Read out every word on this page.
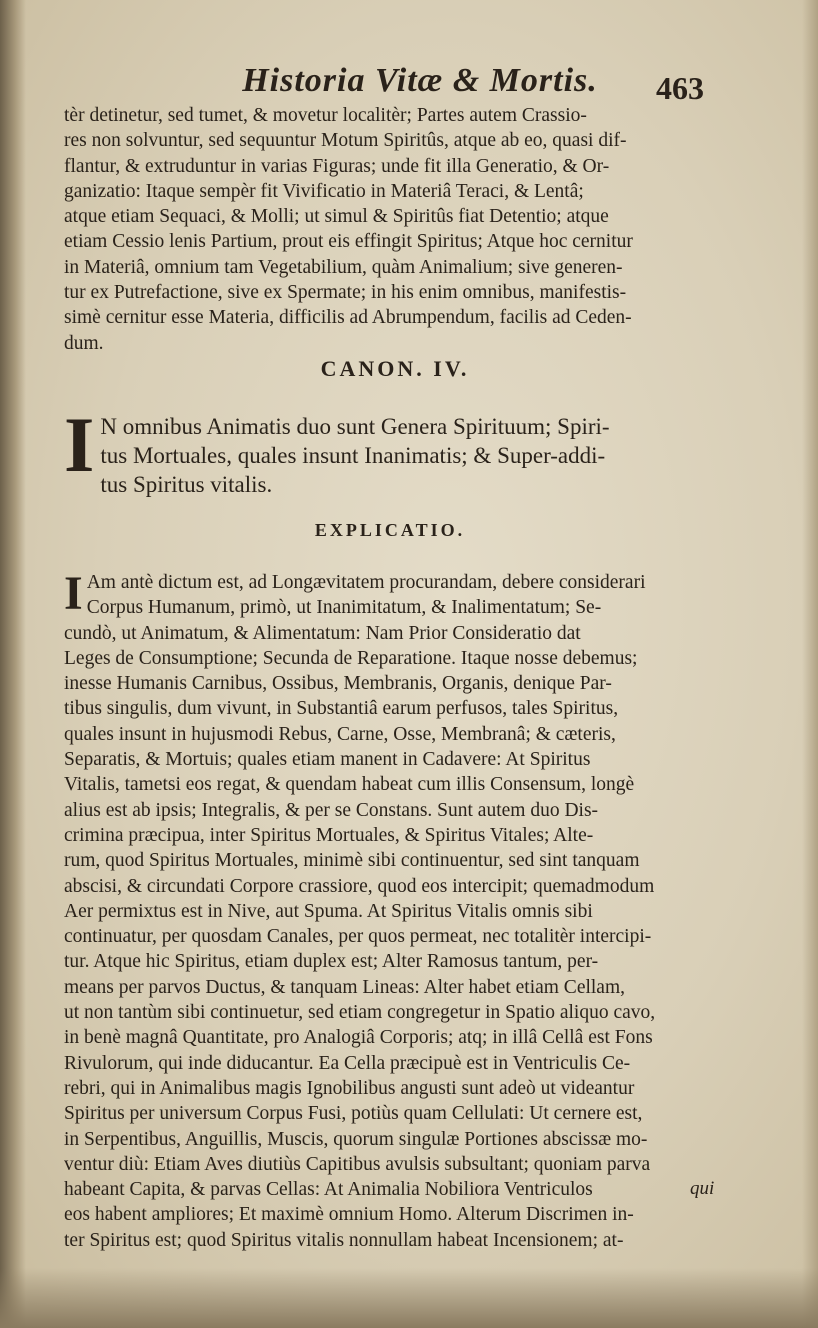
Historia Vitæ & Mortis.	463
tèr detinetur, sed tumet, & movetur localitèr; Partes autem Crassio-
res non solvuntur, sed sequuntur Motum Spiritûs, atque ab eo, quasi dif-
flantur, & extruduntur in varias Figuras; unde fit illa Generatio, & Or-
ganizatio: Itaque sempèr fit Vivificatio in Materiâ Teraci, & Lentâ;
atque etiam Sequaci, & Molli; ut simul & Spiritûs fiat Detentio; atque
etiam Cessio lenis Partium, prout eis effingit Spiritus; Atque hoc cernitur
in Materiâ, omnium tam Vegetabilium, quàm Animalium; sive generen-
tur ex Putrefactione, sive ex Spermate; in his enim omnibus, manifestis-
simè cernitur esse Materia, difficilis ad Abrumpendum, facilis ad Ceden-
dum.
CANON. IV.
I N omnibus Animatis duo sunt Genera Spirituum; Spiri-
tus Mortuales, quales insunt Inanimatis; & Super-addi-
tus Spiritus vitalis.
EXPLICATIO.
I Am antè dictum est, ad Longævitatem procurandam, debere considerari
Corpus Humanum, primò, ut Inanimitatum, & Inalimentatum; Se-
cundò, ut Animatum, & Alimentatum: Nam Prior Consideratio dat
Leges de Consumptione; Secunda de Reparatione. Itaque nosse debemus;
inesse Humanis Carnibus, Ossibus, Membranis, Organis, denique Par-
tibus singulis, dum vivunt, in Substantiâ earum perfusos, tales Spiritus,
quales insunt in hujusmodi Rebus, Carne, Osse, Membranâ; & cæteris,
Separatis, & Mortuis; quales etiam manent in Cadavere: At Spiritus
Vitalis, tametsi eos regat, & quendam habeat cum illis Consensum, longè
alius est ab ipsis; Integralis, & per se Constans. Sunt autem duo Dis-
crimina præcipua, inter Spiritus Mortuales, & Spiritus Vitales; Alte-
rum, quod Spiritus Mortuales, minimè sibi continuentur, sed sint tanquam
abscisi, & circundati Corpore crassiore, quod eos intercipit; quemadmodum
Aer permixtus est in Nive, aut Spuma. At Spiritus Vitalis omnis sibi
continuatur, per quosdam Canales, per quos permeat, nec totalitèr intercipi-
tur. Atque hic Spiritus, etiam duplex est; Alter Ramosus tantum, per-
means per parvos Ductus, & tanquam Lineas: Alter habet etiam Cellam,
ut non tantùm sibi continuetur, sed etiam congregetur in Spatio aliquo cavo,
in benè magnâ Quantitate, pro Analogiâ Corporis; atq; in illâ Cellâ est Fons
Rivulorum, qui inde diducantur. Ea Cella præcipuè est in Ventriculis Ce-
rebri, qui in Animalibus magis Ignobilibus angusti sunt adeò ut videantur
Spiritus per universum Corpus Fusi, potiùs quam Cellulati: Ut cernere est,
in Serpentibus, Anguillis, Muscis, quorum singulæ Portiones abscissæ mo-
ventur diù: Etiam Aves diutiùs Capitibus avulsis subsultant; quoniam parva
habeant Capita, & parvas Cellas: At Animalia Nobiliora Ventriculos
eos habent ampliores; Et maximè omnium Homo. Alterum Discrimen in-
ter Spiritus est; quod Spiritus vitalis nonnullam habeat Incensionem; at-
qui
